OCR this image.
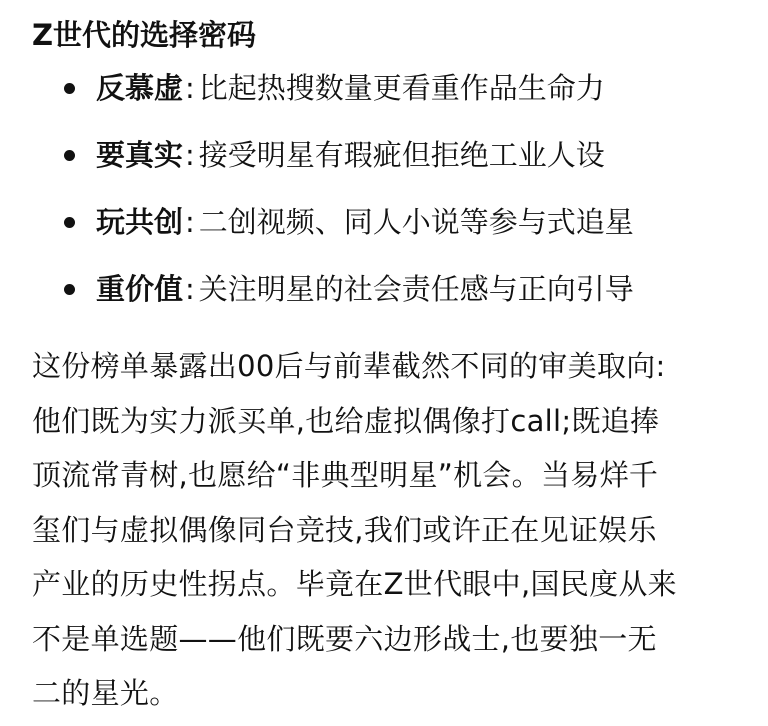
Z世代的选择密码
反慕虚: 比起热搜数量更看重作品生命力
要真实: 接受明星有瑕疵但拒绝工业人设
玩共创: 二创视频、同人小说等参与式追星
重价值: 关注明星的社会责任感与正向引导

这份榜单暴露出00后与前辈截然不同的审美取向:
他们既为实力派买单,也给虚拟偶像打call;既追捧
顶流常青树,也愿给“非典型明星”机会。当易烊千
玺们与虚拟偶像同台竞技,我们或许正在见证娱乐
产业的历史性拐点。毕竟在Z世代眼中,国民度从来
不是单选题——他们既要六边形战士,也要独一无
二的星光。
